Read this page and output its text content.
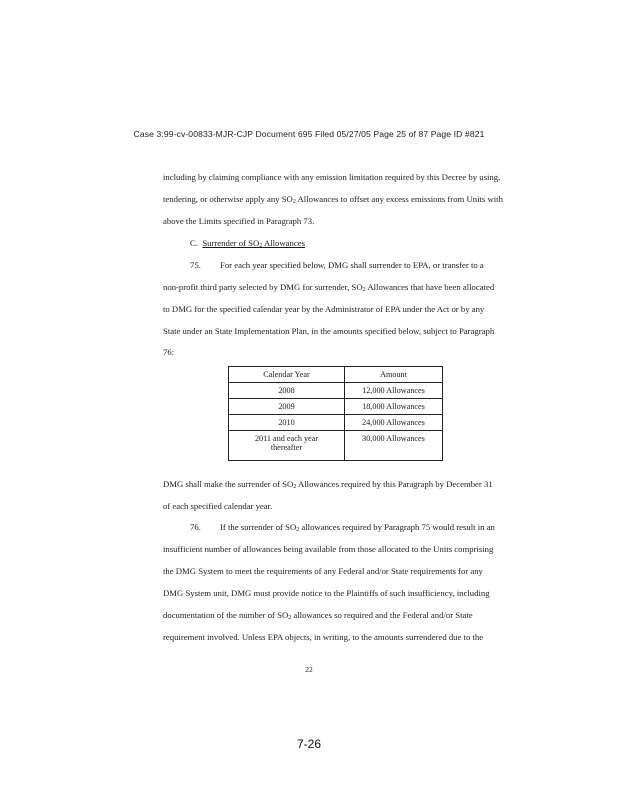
Case 3:99-cv-00833-MJR-CJP Document 695 Filed 05/27/05 Page 25 of 87 Page ID #821
including by claiming compliance with any emission limitation required by this Decree by using,
tendering, or otherwise apply any $SO_2$ Allowances to offset any excess emissions from Units with
above the Limits specified in Paragraph 73.
C. Surrender of $SO_2$ Allowances
75. For each year specified below, DMG shall surrender to EPA, or transfer to a
non-profit third party selected by DMG for surrender, $SO_2$ Allowances that have been allocated
to DMG for the specified calendar year by the Administrator of EPA under the Act or by any
State under an State Implementation Plan, in the amounts specified below, subject to Paragraph
76:
Calendar Year	Amount
2008	12,000 Allowances
2009	18,000 Allowances
2010	24,000 Allowances
2011 and each year
thereafter	30,000 Allowances
DMG shall make the surrender of $SO_2$ Allowances required by this Paragraph by December 31
of each specified calendar year.
76. If the surrender of $SO_2$ allowances required by Paragraph 75 would result in an
insufficient number of allowances being available from those allocated to the Units comprising
the DMG System to meet the requirements of any Federal and/or State requirements for any
DMG System unit, DMG must provide notice to the Plaintiffs of such insufficiency, including
documentation of the number of $SO_2$ allowances so required and the Federal and/or State
requirement involved. Unless EPA objects, in writing, to the amounts surrendered due to the
22
7-26
